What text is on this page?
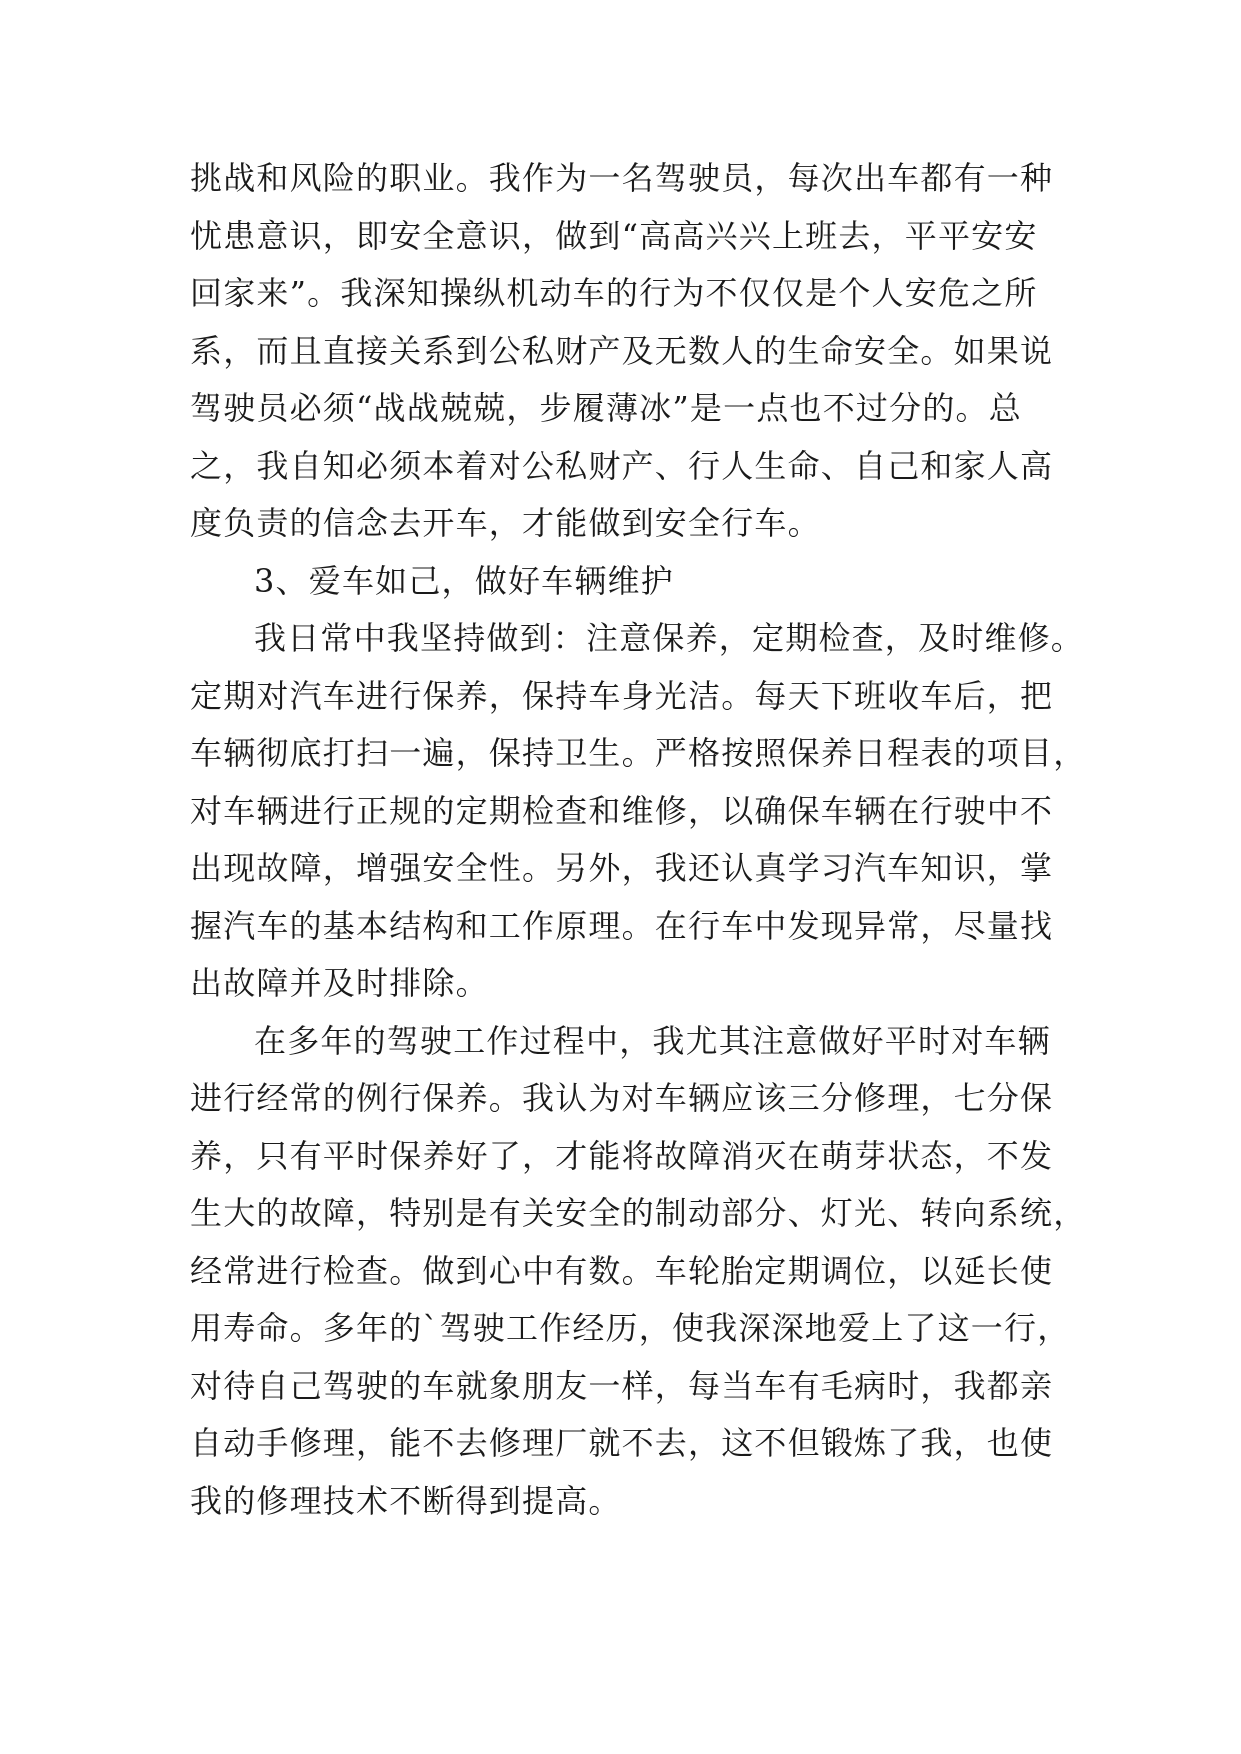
挑战和风险的职业。我作为一名驾驶员，每次出车都有一种
忧患意识，即安全意识，做到“高高兴兴上班去，平平安安
回家来”。我深知操纵机动车的行为不仅仅是个人安危之所
系，而且直接关系到公私财产及无数人的生命安全。如果说
驾驶员必须“战战兢兢，步履薄冰”是一点也不过分的。总
之，我自知必须本着对公私财产、行人生命、自己和家人高
度负责的信念去开车，才能做到安全行车。
3、爱车如己，做好车辆维护
我日常中我坚持做到：注意保养，定期检查，及时维修。
定期对汽车进行保养，保持车身光洁。每天下班收车后，把
车辆彻底打扫一遍，保持卫生。严格按照保养日程表的项目，
对车辆进行正规的定期检查和维修，以确保车辆在行驶中不
出现故障，增强安全性。另外，我还认真学习汽车知识，掌
握汽车的基本结构和工作原理。在行车中发现异常，尽量找
出故障并及时排除。
在多年的驾驶工作过程中，我尤其注意做好平时对车辆
进行经常的例行保养。我认为对车辆应该三分修理，七分保
养，只有平时保养好了，才能将故障消灭在萌芽状态，不发
生大的故障，特别是有关安全的制动部分、灯光、转向系统，
经常进行检查。做到心中有数。车轮胎定期调位，以延长使
用寿命。多年的`驾驶工作经历，使我深深地爱上了这一行，
对待自己驾驶的车就象朋友一样，每当车有毛病时，我都亲
自动手修理，能不去修理厂就不去，这不但锻炼了我，也使
我的修理技术不断得到提高。
